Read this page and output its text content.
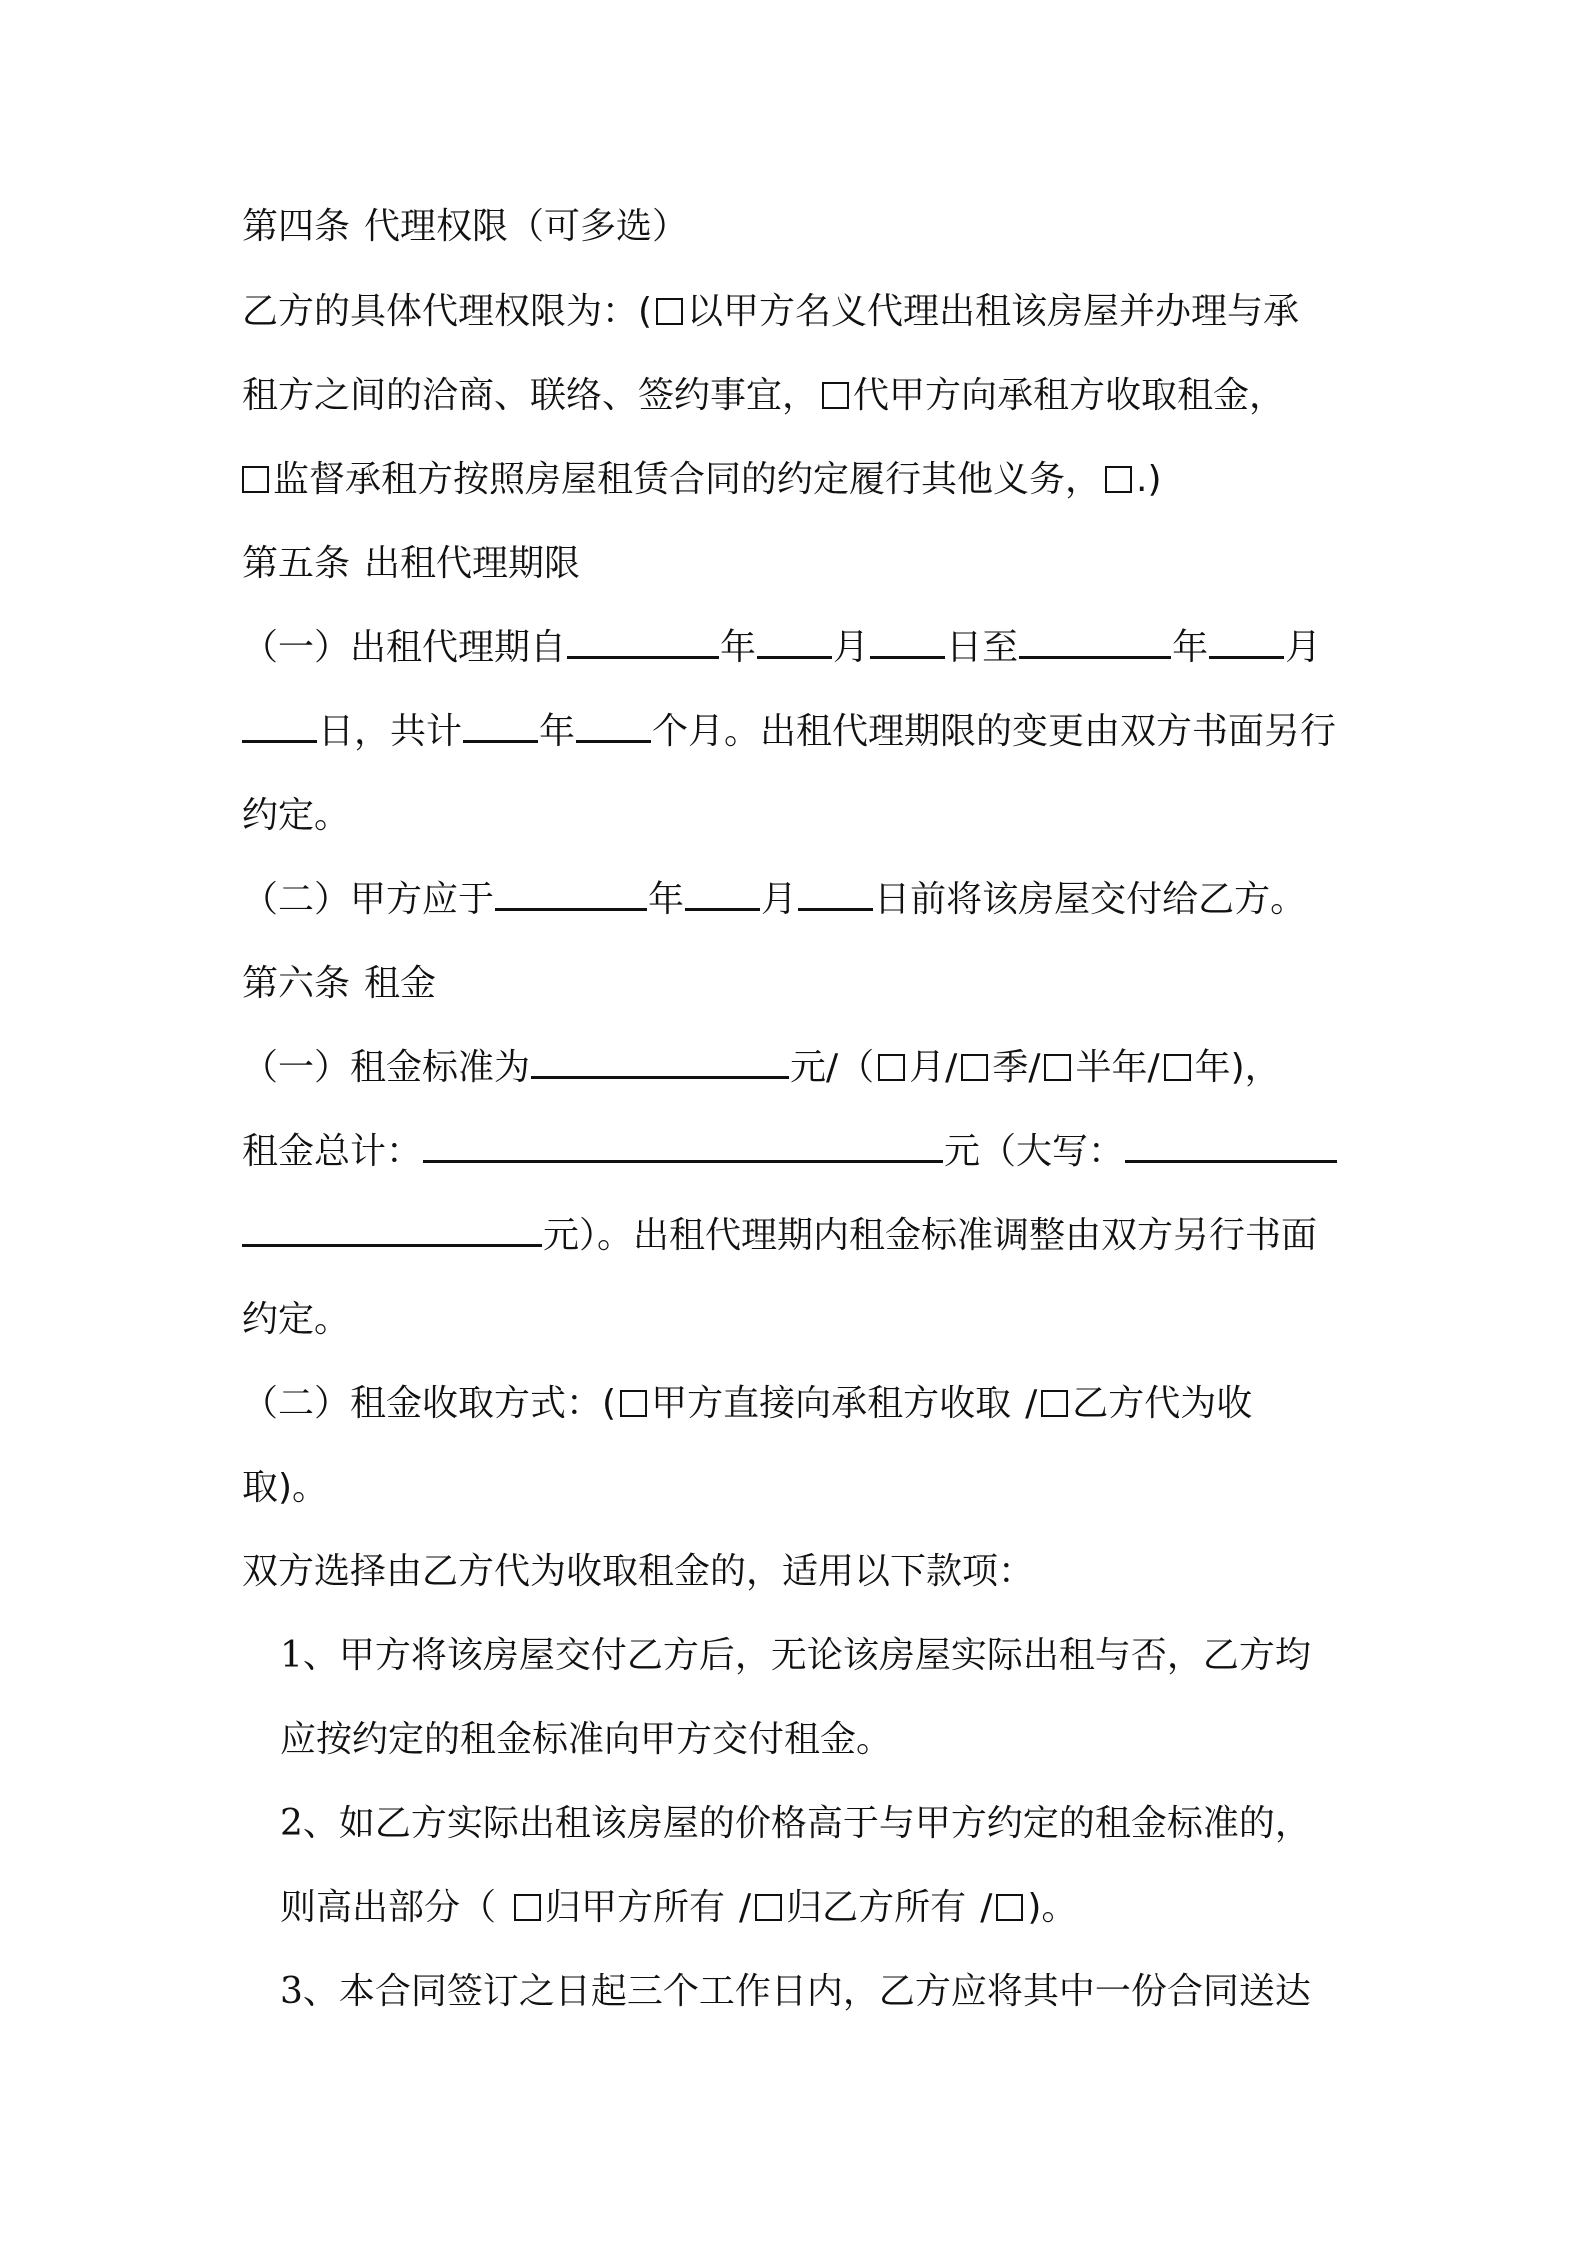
第四条 代理权限（可多选）
乙方的具体代理权限为：( 以甲方名义代理出租该房屋并办理与承
租方之间的洽商、联络、签约事宜， 代甲方向承租方收取租金，
监督承租方按照房屋租赁合同的约定履行其他义务， .)
第五条 出租代理期限
（一）出租代理期自	年 月 日至	年 月
日，共计 年 个月。出租代理期限的变更由双方书面另行
约定。
（二）甲方应于	年 月 日前将该房屋交付给乙方。
第六条 租金
（一）租金标准为	元/（ 月/ 季/ 半年/ 年)，
租金总计：	元（大写：
元）。出租代理期内租金标准调整由双方另行书面
约定。
（二）租金收取方式：( 甲方直接向承租方收取 / 乙方代为收
取)。
双方选择由乙方代为收取租金的，适用以下款项：
1、甲方将该房屋交付乙方后，无论该房屋实际出租与否，乙方均
应按约定的租金标准向甲方交付租金。
2、如乙方实际出租该房屋的价格高于与甲方约定的租金标准的，
则高出部分（ 归甲方所有 / 归乙方所有 / )。
3、本合同签订之日起三个工作日内，乙方应将其中一份合同送达
